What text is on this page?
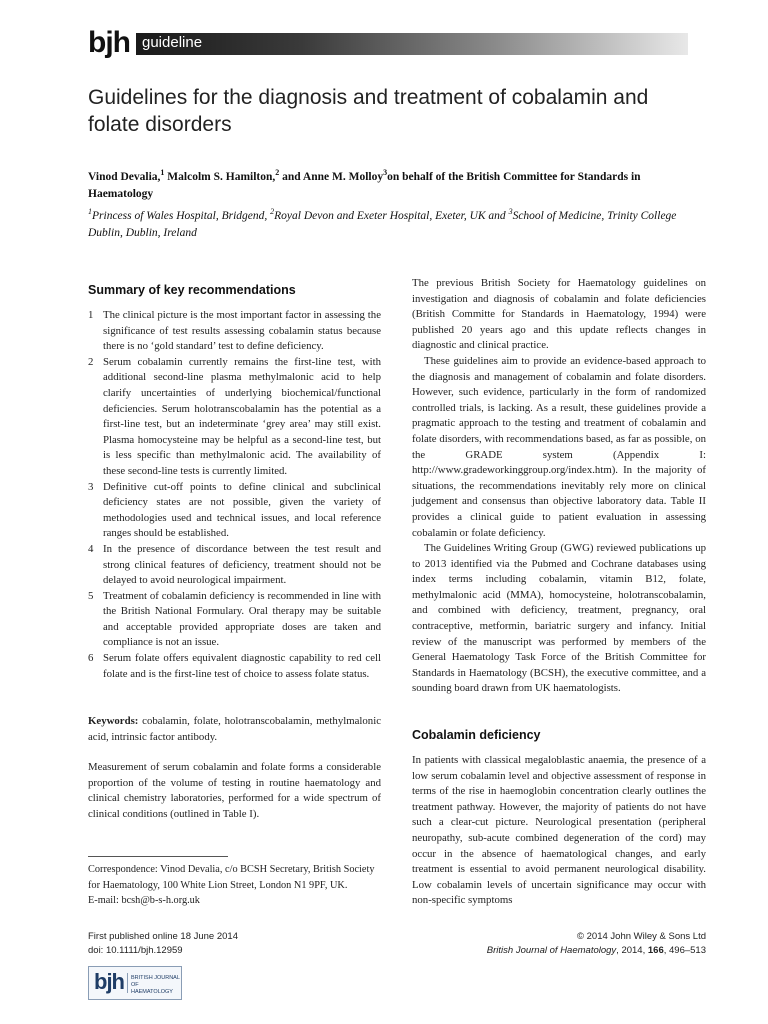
bjh guideline
Guidelines for the diagnosis and treatment of cobalamin and folate disorders
Vinod Devalia,$^1$ Malcolm S. Hamilton,$^2$ and Anne M. Molloy$^3$on behalf of the British Committee for Standards in Haematology
$^1$Princess of Wales Hospital, Bridgend, $^2$Royal Devon and Exeter Hospital, Exeter, UK and $^3$School of Medicine, Trinity College Dublin, Dublin, Ireland
Summary of key recommendations
1 The clinical picture is the most important factor in assessing the significance of test results assessing cobalamin status because there is no ‘gold standard’ test to define deficiency.
2 Serum cobalamin currently remains the first-line test, with additional second-line plasma methylmalonic acid to help clarify uncertainties of underlying biochemical/functional deficiencies. Serum holotranscobalamin has the potential as a first-line test, but an indeterminate ‘grey area’ may still exist. Plasma homocysteine may be helpful as a second-line test, but is less specific than methylmalonic acid. The availability of these second-line tests is currently limited.
3 Definitive cut-off points to define clinical and subclinical deficiency states are not possible, given the variety of methodologies used and technical issues, and local reference ranges should be established.
4 In the presence of discordance between the test result and strong clinical features of deficiency, treatment should not be delayed to avoid neurological impairment.
5 Treatment of cobalamin deficiency is recommended in line with the British National Formulary. Oral therapy may be suitable and acceptable provided appropriate doses are taken and compliance is not an issue.
6 Serum folate offers equivalent diagnostic capability to red cell folate and is the first-line test of choice to assess folate status.

Keywords: cobalamin, folate, holotranscobalamin, methylmalonic acid, intrinsic factor antibody.

Measurement of serum cobalamin and folate forms a considerable proportion of the volume of testing in routine haematology and clinical chemistry laboratories, performed for a wide spectrum of clinical conditions (outlined in Table I).

Correspondence: Vinod Devalia, c/o BCSH Secretary, British Society
for Haematology, 100 White Lion Street, London N1 9PF, UK.
E-mail: bcsh@b-s-h.org.uk

The previous British Society for Haematology guidelines on investigation and diagnosis of cobalamin and folate deficiencies (British Committe for Standards in Haematology, 1994) were published 20 years ago and this update reflects changes in diagnostic and clinical practice.

These guidelines aim to provide an evidence-based approach to the diagnosis and management of cobalamin and folate disorders. However, such evidence, particularly in the form of randomized controlled trials, is lacking. As a result, these guidelines provide a pragmatic approach to the testing and treatment of cobalamin and folate disorders, with recommendations based, as far as possible, on the GRADE system (Appendix I: http://www.gradeworkinggroup.org/index.htm). In the majority of situations, the recommendations inevitably rely more on clinical judgement and consensus than objective laboratory data. Table II provides a clinical guide to patient evaluation in assessing cobalamin or folate deficiency.

The Guidelines Writing Group (GWG) reviewed publications up to 2013 identified via the Pubmed and Cochrane databases using index terms including cobalamin, vitamin B12, folate, methylmalonic acid (MMA), homocysteine, holotranscobalamin, and combined with deficiency, treatment, pregnancy, oral contraceptive, metformin, bariatric surgery and infancy. Initial review of the manuscript was performed by members of the General Haematology Task Force of the British Committee for Standards in Haematology (BCSH), the executive committee, and a sounding board drawn from UK haematologists.

Cobalamin deficiency

In patients with classical megaloblastic anaemia, the presence of a low serum cobalamin level and objective assessment of response in terms of the rise in haemoglobin concentration clearly outlines the treatment pathway. However, the majority of patients do not have such a clear-cut picture. Neurological presentation (peripheral neuropathy, sub-acute combined degeneration of the cord) may occur in the absence of haematological changes, and early treatment is essential to avoid permanent neurological disability. Low cobalamin levels of uncertain significance may occur with non-specific symptoms

First published online 18 June 2014
doi: 10.1111/bjh.12959
© 2014 John Wiley & Sons Ltd
British Journal of Haematology, 2014, 166, 496–513
bjh BRITISH JOURNAL OF HAEMATOLOGY
